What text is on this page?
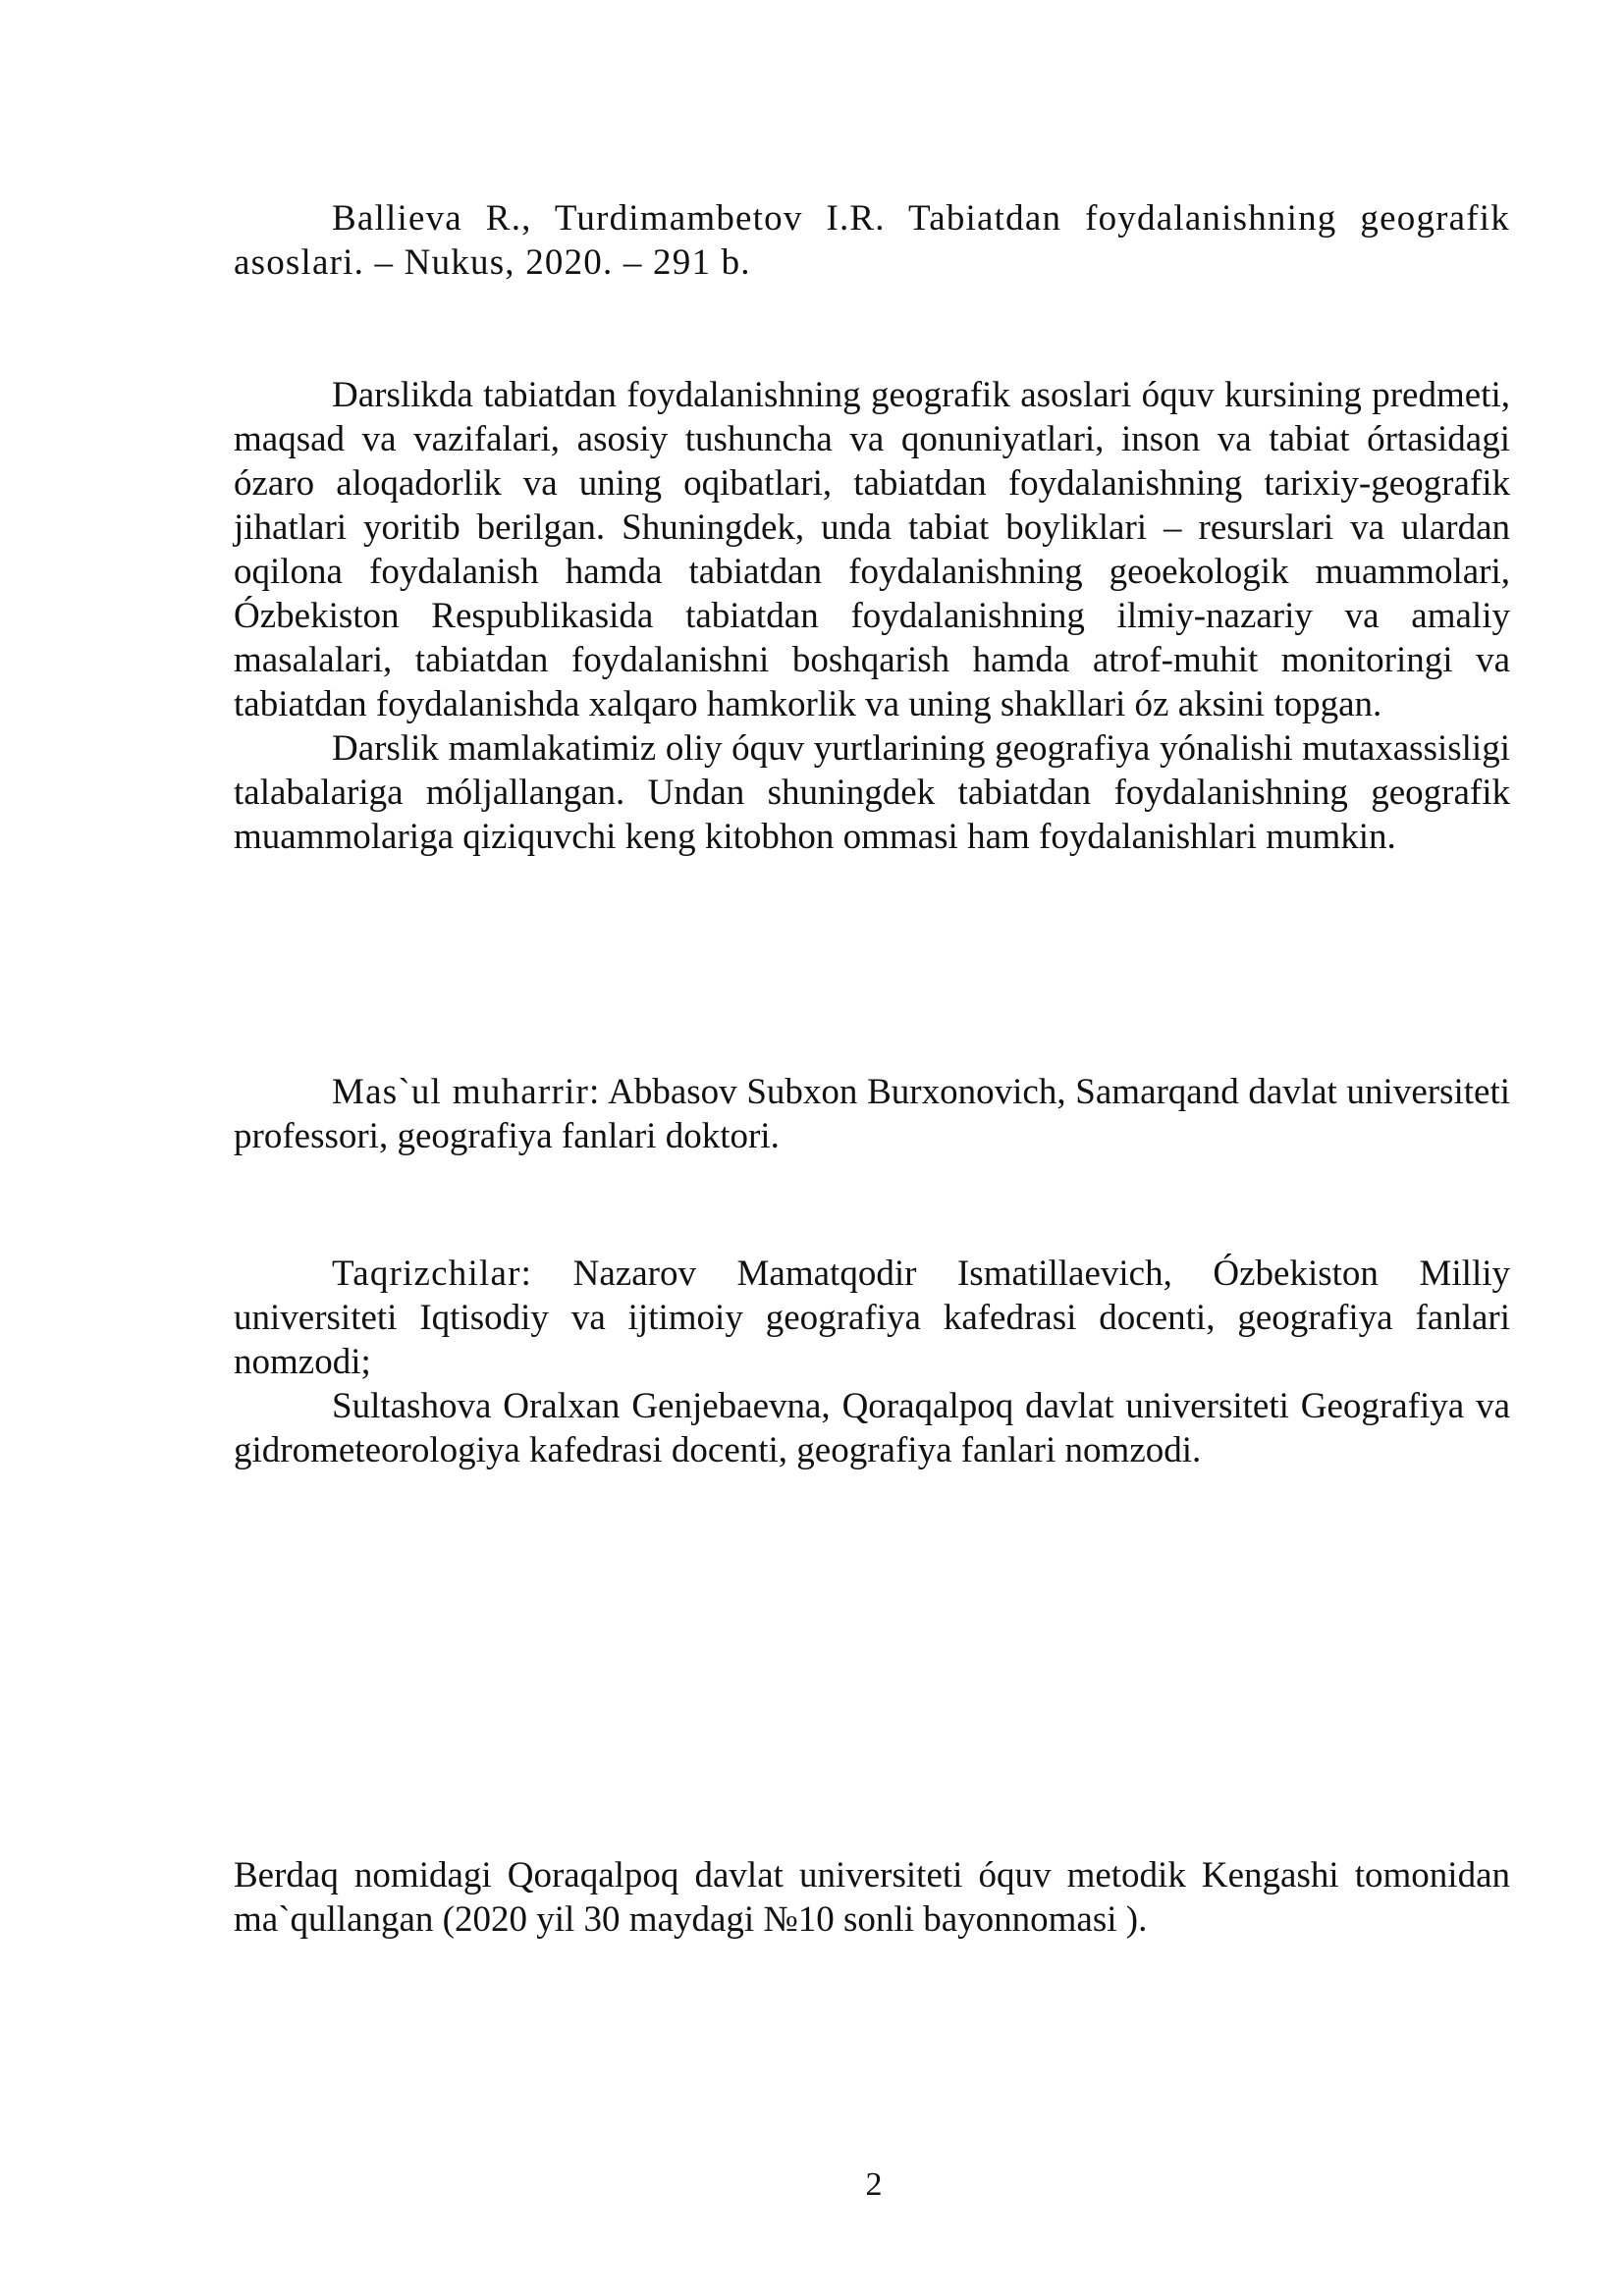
Ballieva R., Turdimambetov I.R. Tabiatdan foydalanishning geografik asoslari. – Nukus, 2020. – 291 b.

Darslikda tabiatdan foydalanishning geografik asoslari óquv kursining predmeti, maqsad va vazifalari, asosiy tushuncha va qonuniyatlari, inson va tabiat órtasidagi ózaro aloqadorlik va uning oqibatlari, tabiatdan foydalanishning tarixiy-geografik jihatlari yoritib berilgan. Shuningdek, unda tabiat boyliklari – resurslari va ulardan oqilona foydalanish hamda tabiatdan foydalanishning geoekologik muammolari, Ózbekiston Respublikasida tabiatdan foydalanishning ilmiy-nazariy va amaliy masalalari, tabiatdan foydalanishni boshqarish hamda atrof-muhit monitoringi va tabiatdan foydalanishda xalqaro hamkorlik va uning shakllari óz aksini topgan.

Darslik mamlakatimiz oliy óquv yurtlarining geografiya yónalishi mutaxassisligi talabalariga móljallangan. Undan shuningdek tabiatdan foydalanishning geografik muammolariga qiziquvchi keng kitobhon ommasi ham foydalanishlari mumkin.

Mas`ul muharrir: Abbasov Subxon Burxonovich, Samarqand davlat universiteti professori, geografiya fanlari doktori.

Taqrizchilar: Nazarov Mamatqodir Ismatillaevich, Ózbekiston Milliy universiteti Iqtisodiy va ijtimoiy geografiya kafedrasi docenti, geografiya fanlari nomzodi;

Sultashova Oralxan Genjebaevna, Qoraqalpoq davlat universiteti Geografiya va gidrometeorologiya kafedrasi docenti, geografiya fanlari nomzodi.

Berdaq nomidagi Qoraqalpoq davlat universiteti óquv metodik Kengashi tomonidan ma`qullangan (2020 yil 30 maydagi №10 sonli bayonnomasi ).

2
